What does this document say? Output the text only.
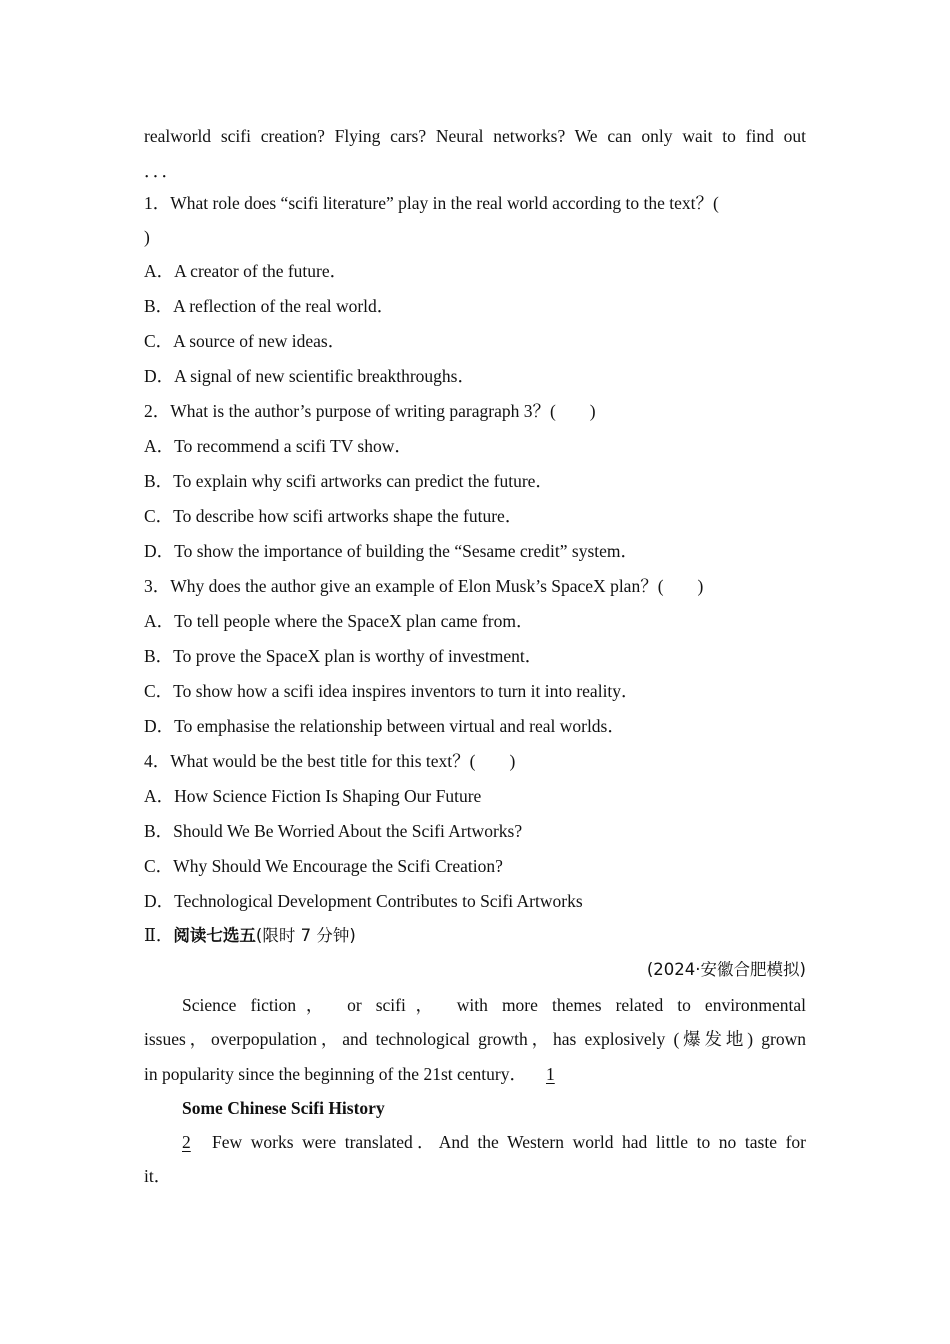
realworld scifi creation? Flying cars? Neural networks? We can only wait to find out
．．．
1．What role does “scifi literature” play in the real world according to the text？(
)
A．A creator of the future．
B．A reflection of the real world．
C．A source of new ideas．
D．A signal of new scientific breakthroughs．
2．What is the author’s purpose of writing paragraph 3？( )
A．To recommend a scifi TV show．
B．To explain why scifi artworks can predict the future．
C．To describe how scifi artworks shape the future．
D．To show the importance of building the “Sesame credit” system．
3．Why does the author give an example of Elon Musk’s SpaceX plan？( )
A．To tell people where the SpaceX plan came from．
B．To prove the SpaceX plan is worthy of investment．
C．To show how a scifi idea inspires inventors to turn it into reality．
D．To emphasise the relationship between virtual and real worlds．
4．What would be the best title for this text？( )
A．How Science Fiction Is Shaping Our Future
B．Should We Be Worried About the Scifi Artworks?
C．Why Should We Encourage the Scifi Creation?
D．Technological Development Contributes to Scifi Artworks
Ⅱ．阅读七选五(限时 7 分钟)
(2024·安徽合肥模拟)
Science fiction， or scifi， with more themes related to environmental
issues，overpopulation，and technological growth，has explosively (爆发地) grown
in popularity since the beginning of the 21st century． 1
Some Chinese Scifi History
2 Few works were translated．And the Western world had little to no taste for
it．
